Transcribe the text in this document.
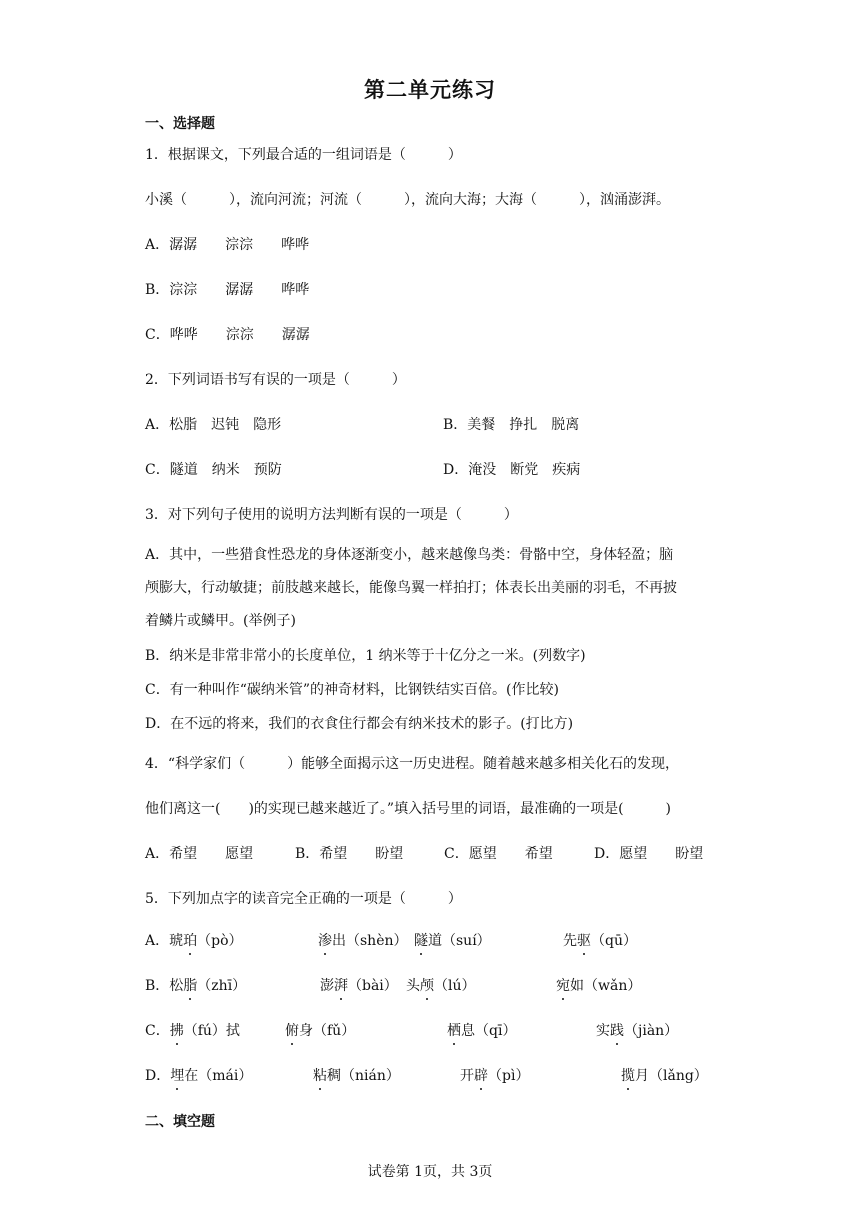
第二单元练习
一、选择题
1．根据课文，下列最合适的一组词语是（　　　）
小溪（　　　），流向河流；河流（　　　），流向大海；大海（　　　），汹涌澎湃。
A．潺潺　　淙淙　　哗哗
B．淙淙　　潺潺　　哗哗
C．哗哗　　淙淙　　潺潺
2．下列词语书写有误的一项是（　　　）
A．松脂　迟钝　隐形	B．美餐　挣扎　脱离
C．隧道　纳米　预防	D．淹没　断党　疾病
3．对下列句子使用的说明方法判断有误的一项是（　　　）
A．其中，一些猎食性恐龙的身体逐渐变小，越来越像鸟类：骨骼中空，身体轻盈；脑
颅膨大，行动敏捷；前肢越来越长，能像鸟翼一样拍打；体表长出美丽的羽毛，不再披
着鳞片或鳞甲。(举例子)
B．纳米是非常非常小的长度单位，1 纳米等于十亿分之一米。(列数字)
C．有一种叫作“碳纳米管”的神奇材料，比钢铁结实百倍。(作比较)
D．在不远的将来，我们的衣食住行都会有纳米技术的影子。(打比方)
4．“科学家们（　　　）能够全面揭示这一历史进程。随着越来越多相关化石的发现，
他们离这一(　　)的实现已越来越近了。”填入括号里的词语，最准确的一项是(　　　)
A．希望　　愿望	B．希望　　盼望	C．愿望　　希望	D．愿望　　盼望
5．下列加点字的读音完全正确的一项是（　　　）
A．琥珀（pò）	渗出（shèn） 隧道（suí）	先驱（qū）
B．松脂（zhī）	澎湃（bài） 头颅（lú）	宛如（wǎn）
C．拂（fú）拭	俯身（fǔ）	栖息（qī）	实践（jiàn）
D．埋在（mái）	粘稠（nián）	开辟（pì）	揽月（lǎng）
二、填空题
试卷第 1页，共 3页
